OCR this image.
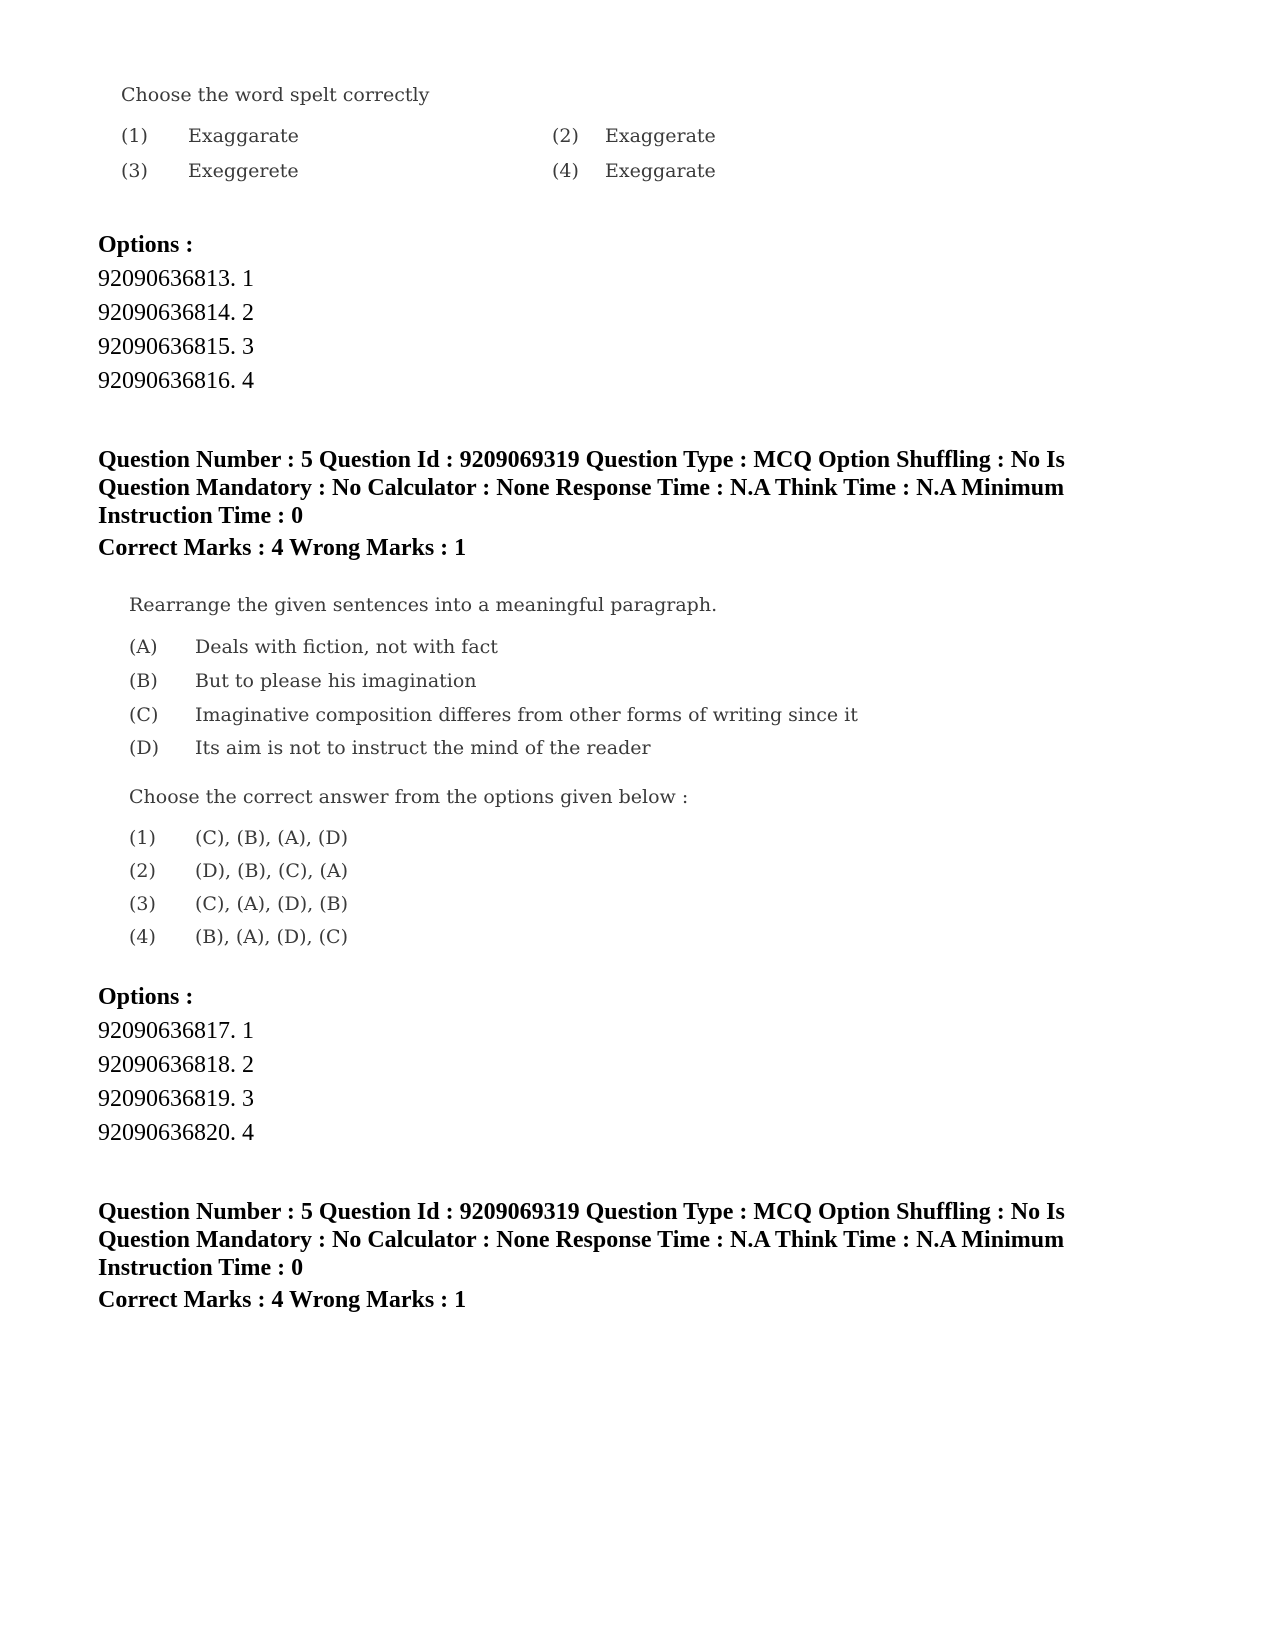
Choose the word spelt correctly
(1) Exaggarate	(2) Exaggerate
(3) Exeggerete	(4) Exeggarate
Options :
92090636813. 1
92090636814. 2
92090636815. 3
92090636816. 4
Question Number : 5 Question Id : 9209069319 Question Type : MCQ Option Shuffling : No Is Question Mandatory : No Calculator : None Response Time : N.A Think Time : N.A Minimum Instruction Time : 0
Correct Marks : 4 Wrong Marks : 1
Rearrange the given sentences into a meaningful paragraph.
(A) Deals with fiction, not with fact
(B) But to please his imagination
(C) Imaginative composition differes from other forms of writing since it
(D) Its aim is not to instruct the mind of the reader
Choose the correct answer from the options given below :
(1) (C), (B), (A), (D)
(2) (D), (B), (C), (A)
(3) (C), (A), (D), (B)
(4) (B), (A), (D), (C)
Options :
92090636817. 1
92090636818. 2
92090636819. 3
92090636820. 4
Question Number : 5 Question Id : 9209069319 Question Type : MCQ Option Shuffling : No Is Question Mandatory : No Calculator : None Response Time : N.A Think Time : N.A Minimum Instruction Time : 0
Correct Marks : 4 Wrong Marks : 1
